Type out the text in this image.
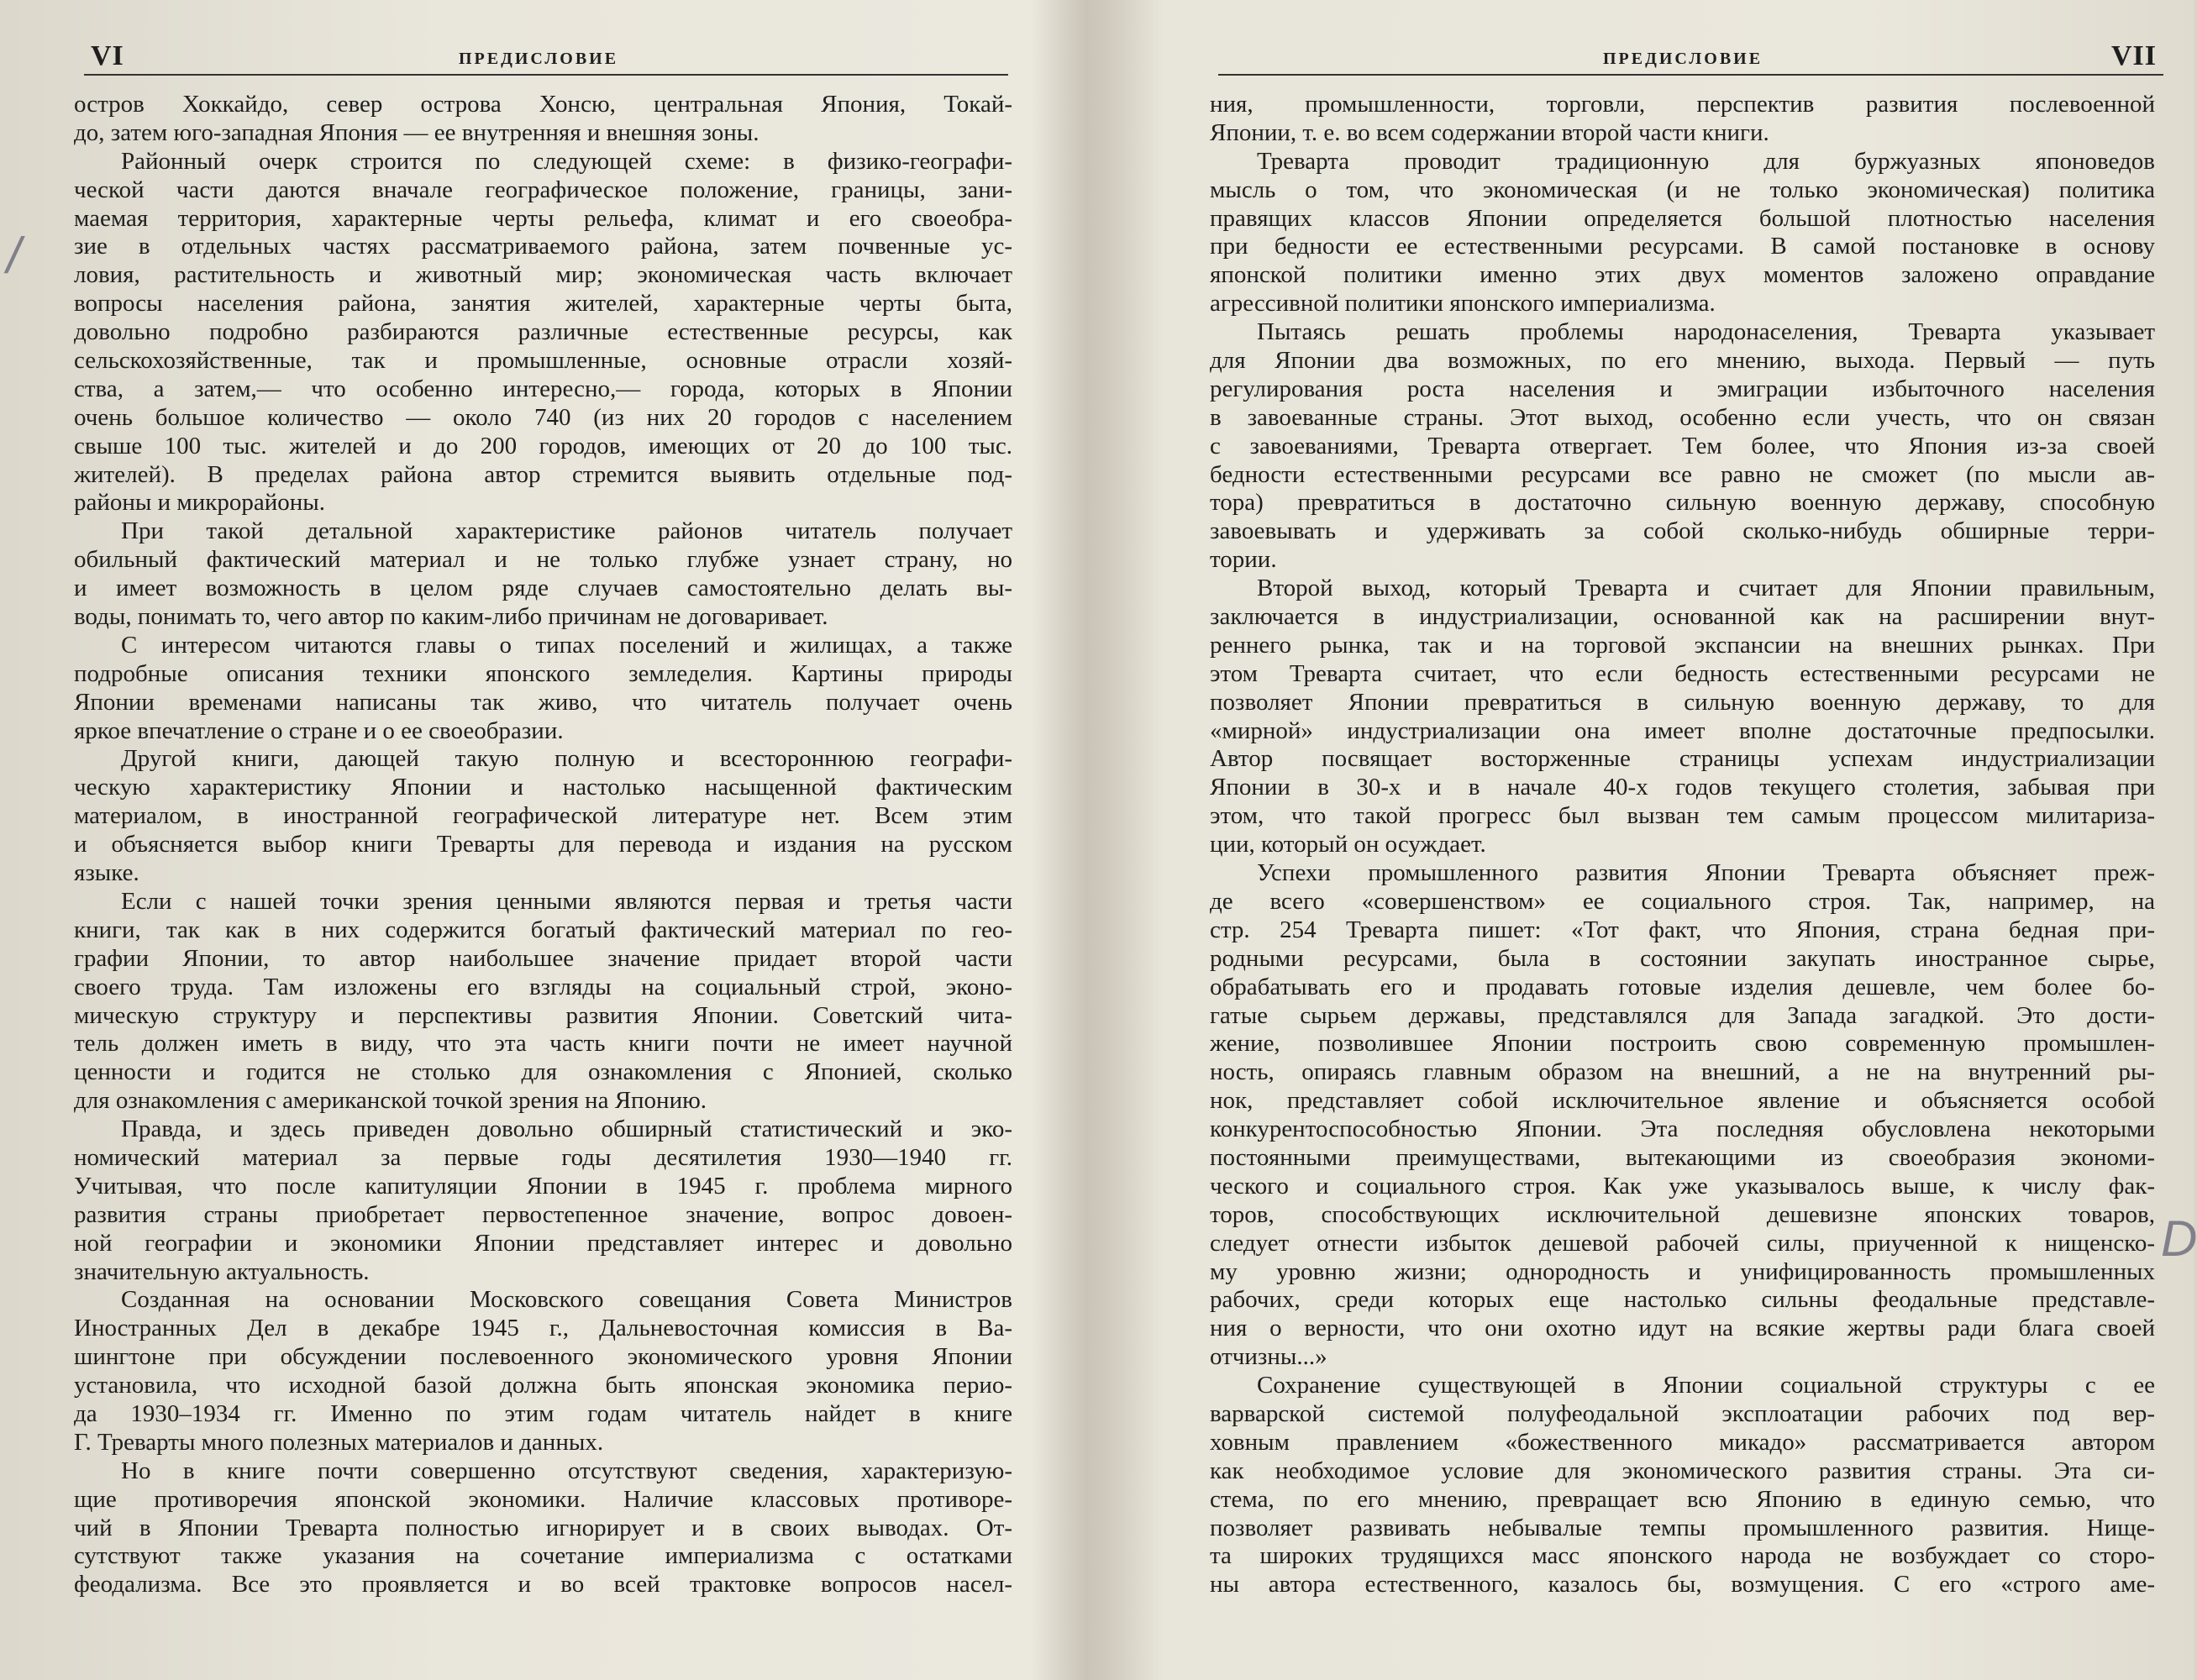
VI	ПРЕДИСЛОВИЕ
остров Хоккайдо, север острова Хонсю, центральная Япония, Токай-
до, затем юго-западная Япония — ее внутренняя и внешняя зоны.
Районный очерк строится по следующей схеме: в физико-географи-
ческой части даются вначале географическое положение, границы, зани-
маемая территория, характерные черты рельефа, климат и его своеобра-
зие в отдельных частях рассматриваемого района, затем почвенные ус-
ловия, растительность и животный мир; экономическая часть включает
вопросы населения района, занятия жителей, характерные черты быта,
довольно подробно разбираются различные естественные ресурсы, как
сельскохозяйственные, так и промышленные, основные отрасли хозяй-
ства, а затем,— что особенно интересно,— города, которых в Японии
очень большое количество — около 740 (из них 20 городов с населением
свыше 100 тыс. жителей и до 200 городов, имеющих от 20 до 100 тыс.
жителей). В пределах района автор стремится выявить отдельные под-
районы и микрорайоны.
При такой детальной характеристике районов читатель получает
обильный фактический материал и не только глубже узнает страну, но
и имеет возможность в целом ряде случаев самостоятельно делать вы-
воды, понимать то, чего автор по каким-либо причинам не договаривает.
С интересом читаются главы о типах поселений и жилищах, а также
подробные описания техники японского земледелия. Картины природы
Японии временами написаны так живо, что читатель получает очень
яркое впечатление о стране и о ее своеобразии.
Другой книги, дающей такую полную и всестороннюю географи-
ческую характеристику Японии и настолько насыщенной фактическим
материалом, в иностранной географической литературе нет. Всем этим
и объясняется выбор книги Треварты для перевода и издания на русском
языке.
Если с нашей точки зрения ценными являются первая и третья части
книги, так как в них содержится богатый фактический материал по гео-
графии Японии, то автор наибольшее значение придает второй части
своего труда. Там изложены его взгляды на социальный строй, эконо-
мическую структуру и перспективы развития Японии. Советский чита-
тель должен иметь в виду, что эта часть книги почти не имеет научной
ценности и годится не столько для ознакомления с Японией, сколько
для ознакомления с американской точкой зрения на Японию.
Правда, и здесь приведен довольно обширный статистический и эко-
номический материал за первые годы десятилетия 1930—1940 гг.
Учитывая, что после капитуляции Японии в 1945 г. проблема мирного
развития страны приобретает первостепенное значение, вопрос довоен-
ной географии и экономики Японии представляет интерес и довольно
значительную актуальность.
Созданная на основании Московского совещания Совета Министров
Иностранных Дел в декабре 1945 г., Дальневосточная комиссия в Ва-
шингтоне при обсуждении послевоенного экономического уровня Японии
установила, что исходной базой должна быть японская экономика перио-
да 1930–1934 гг. Именно по этим годам читатель найдет в книге
Г. Треварты много полезных материалов и данных.
Но в книге почти совершенно отсутствуют сведения, характеризую-
щие противоречия японской экономики. Наличие классовых противоре-
чий в Японии Треварта полностью игнорирует и в своих выводах. От-
сутствуют также указания на сочетание империализма с остатками
феодализма. Все это проявляется и во всей трактовке вопросов насел-
/
ПРЕДИСЛОВИЕ	VII
ния, промышленности, торговли, перспектив развития послевоенной
Японии, т. е. во всем содержании второй части книги.
Треварта проводит традиционную для буржуазных японоведов
мысль о том, что экономическая (и не только экономическая) политика
правящих классов Японии определяется большой плотностью населения
при бедности ее естественными ресурсами. В самой постановке в основу
японской политики именно этих двух моментов заложено оправдание
агрессивной политики японского империализма.
Пытаясь решать проблемы народонаселения, Треварта указывает
для Японии два возможных, по его мнению, выхода. Первый — путь
регулирования роста населения и эмиграции избыточного населения
в завоеванные страны. Этот выход, особенно если учесть, что он связан
с завоеваниями, Треварта отвергает. Тем более, что Япония из-за своей
бедности естественными ресурсами все равно не сможет (по мысли ав-
тора) превратиться в достаточно сильную военную державу, способную
завоевывать и удерживать за собой сколько-нибудь обширные терри-
тории.
Второй выход, который Треварта и считает для Японии правильным,
заключается в индустриализации, основанной как на расширении внут-
реннего рынка, так и на торговой экспансии на внешних рынках. При
этом Треварта считает, что если бедность естественными ресурсами не
позволяет Японии превратиться в сильную военную державу, то для
«мирной» индустриализации она имеет вполне достаточные предпосылки.
Автор посвящает восторженные страницы успехам индустриализации
Японии в 30-х и в начале 40-х годов текущего столетия, забывая при
этом, что такой прогресс был вызван тем самым процессом милитариза-
ции, который он осуждает.
Успехи промышленного развития Японии Треварта объясняет преж-
де всего «совершенством» ее социального строя. Так, например, на
стр. 254 Треварта пишет: «Тот факт, что Япония, страна бедная при-
родными ресурсами, была в состоянии закупать иностранное сырье,
обрабатывать его и продавать готовые изделия дешевле, чем более бо-
гатые сырьем державы, представлялся для Запада загадкой. Это дости-
жение, позволившее Японии построить свою современную промышлен-
ность, опираясь главным образом на внешний, а не на внутренний ры-
нок, представляет собой исключительное явление и объясняется особой
конкурентоспособностью Японии. Эта последняя обусловлена некоторыми
постоянными преимуществами, вытекающими из своеобразия экономи-
ческого и социального строя. Как уже указывалось выше, к числу фак-
торов, способствующих исключительной дешевизне японских товаров,
следует отнести избыток дешевой рабочей силы, приученной к нищенско-
му уровню жизни; однородность и унифицированность промышленных
рабочих, среди которых еще настолько сильны феодальные представле-
ния о верности, что они охотно идут на всякие жертвы ради блага своей
отчизны...»
Сохранение существующей в Японии социальной структуры с ее
варварской системой полуфеодальной эксплоатации рабочих под вер-
ховным правлением «божественного микадо» рассматривается автором
как необходимое условие для экономического развития страны. Эта си-
стема, по его мнению, превращает всю Японию в единую семью, что
позволяет развивать небывалые темпы промышленного развития. Нище-
та широких трудящихся масс японского народа не возбуждает со сторо-
ны автора естественного, казалось бы, возмущения. С его «строго аме-
D
